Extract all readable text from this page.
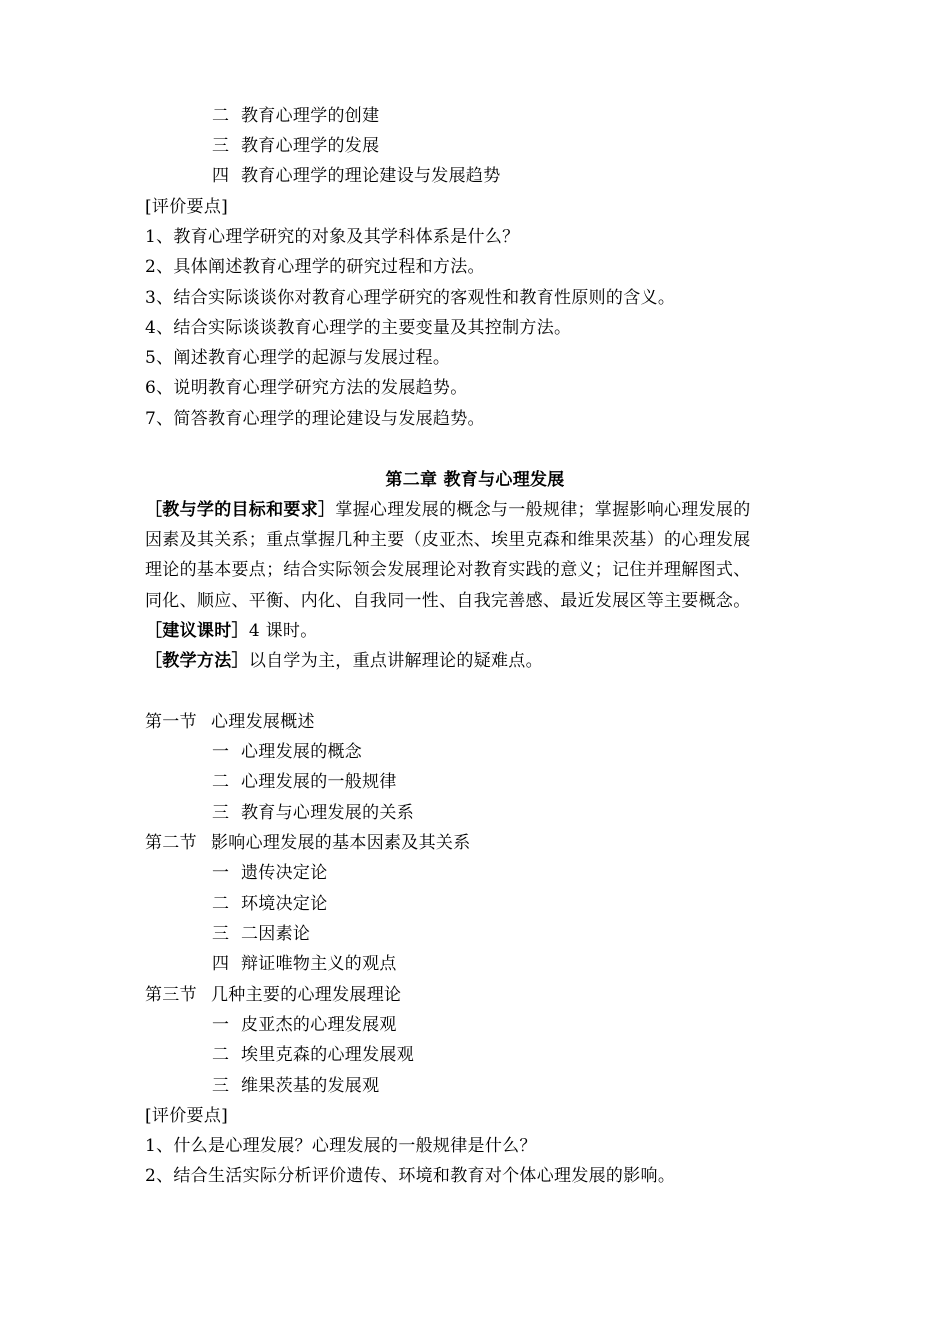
二 教育心理学的创建
三 教育心理学的发展
四 教育心理学的理论建设与发展趋势
[评价要点]
1、教育心理学研究的对象及其学科体系是什么？
2、具体阐述教育心理学的研究过程和方法。
3、结合实际谈谈你对教育心理学研究的客观性和教育性原则的含义。
4、结合实际谈谈教育心理学的主要变量及其控制方法。
5、阐述教育心理学的起源与发展过程。
6、说明教育心理学研究方法的发展趋势。
7、简答教育心理学的理论建设与发展趋势。
第二章 教育与心理发展
［教与学的目标和要求］掌握心理发展的概念与一般规律；掌握影响心理发展的
因素及其关系；重点掌握几种主要（皮亚杰、埃里克森和维果茨基）的心理发展
理论的基本要点；结合实际领会发展理论对教育实践的意义；记住并理解图式、
同化、顺应、平衡、内化、自我同一性、自我完善感、最近发展区等主要概念。
［建议课时］4 课时。
［教学方法］以自学为主，重点讲解理论的疑难点。
第一节 心理发展概述
一 心理发展的概念
二 心理发展的一般规律
三 教育与心理发展的关系
第二节 影响心理发展的基本因素及其关系
一 遗传决定论
二 环境决定论
三 二因素论
四 辩证唯物主义的观点
第三节 几种主要的心理发展理论
一 皮亚杰的心理发展观
二 埃里克森的心理发展观
三 维果茨基的发展观
[评价要点]
1、什么是心理发展？心理发展的一般规律是什么？
2、结合生活实际分析评价遗传、环境和教育对个体心理发展的影响。
